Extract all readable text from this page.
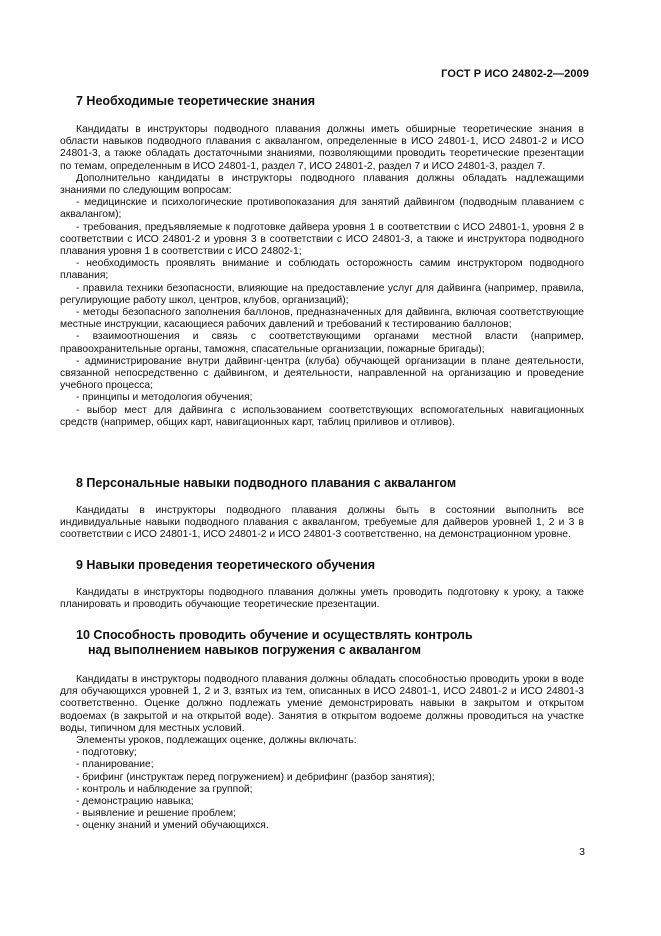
ГОСТ Р ИСО 24802-2—2009
7 Необходимые теоретические знания

Кандидаты в инструкторы подводного плавания должны иметь обширные теоретические знания в области навыков подводного плавания с аквалангом, определенные в ИСО 24801-1, ИСО 24801-2 и ИСО 24801-3, а также обладать достаточными знаниями, позволяющими проводить теоретические презентации по темам, определенным в ИСО 24801-1, раздел 7, ИСО 24801-2, раздел 7 и ИСО 24801-3, раздел 7.

Дополнительно кандидаты в инструкторы подводного плавания должны обладать надлежащими знаниями по следующим вопросам:

- медицинские и психологические противопоказания для занятий дайвингом (подводным плаванием с аквалангом);

- требования, предъявляемые к подготовке дайвера уровня 1 в соответствии с ИСО 24801-1, уровня 2 в соответствии с ИСО 24801-2 и уровня 3 в соответствии с ИСО 24801-3, а также и инструктора подводного плавания уровня 1 в соответствии с ИСО 24802-1;

- необходимость проявлять внимание и соблюдать осторожность самим инструктором подводного плавания;

- правила техники безопасности, влияющие на предоставление услуг для дайвинга (например, правила, регулирующие работу школ, центров, клубов, организаций);

- методы безопасного заполнения баллонов, предназначенных для дайвинга, включая соответствующие местные инструкции, касающиеся рабочих давлений и требований к тестированию баллонов;

- взаимоотношения и связь с соответствующими органами местной власти (например, правоохранительные органы, таможня, спасательные организации, пожарные бригады);

- администрирование внутри дайвинг-центра (клуба) обучающей организации в плане деятельности, связанной непосредственно с дайвингом, и деятельности, направленной на организацию и проведение учебного процесса;

- принципы и методология обучения;

- выбор мест для дайвинга с использованием соответствующих вспомогательных навигационных средств (например, общих карт, навигационных карт, таблиц приливов и отливов).

8 Персональные навыки подводного плавания с аквалангом

Кандидаты в инструкторы подводного плавания должны быть в состоянии выполнить все индивидуальные навыки подводного плавания с аквалангом, требуемые для дайверов уровней 1, 2 и 3 в соответствии с ИСО 24801-1, ИСО 24801-2 и ИСО 24801-3 соответственно, на демонстрационном уровне.

9 Навыки проведения теоретического обучения

Кандидаты в инструкторы подводного плавания должны уметь проводить подготовку к уроку, а также планировать и проводить обучающие теоретические презентации.

10 Способность проводить обучение и осуществлять контроль
над выполнением навыков погружения с аквалангом

Кандидаты в инструкторы подводного плавания должны обладать способностью проводить уроки в воде для обучающихся уровней 1, 2 и 3, взятых из тем, описанных в ИСО 24801-1, ИСО 24801-2 и ИСО 24801-3 соответственно. Оценке должно подлежать умение демонстрировать навыки в закрытом и открытом водоемах (в закрытой и на открытой воде). Занятия в открытом водоеме должны проводиться на участке воды, типичном для местных условий.

Элементы уроков, подлежащих оценке, должны включать:

- подготовку;

- планирование;

- брифинг (инструктаж перед погружением) и дебрифинг (разбор занятия);

- контроль и наблюдение за группой;

- демонстрацию навыка;

- выявление и решение проблем;

- оценку знаний и умений обучающихся.

3
